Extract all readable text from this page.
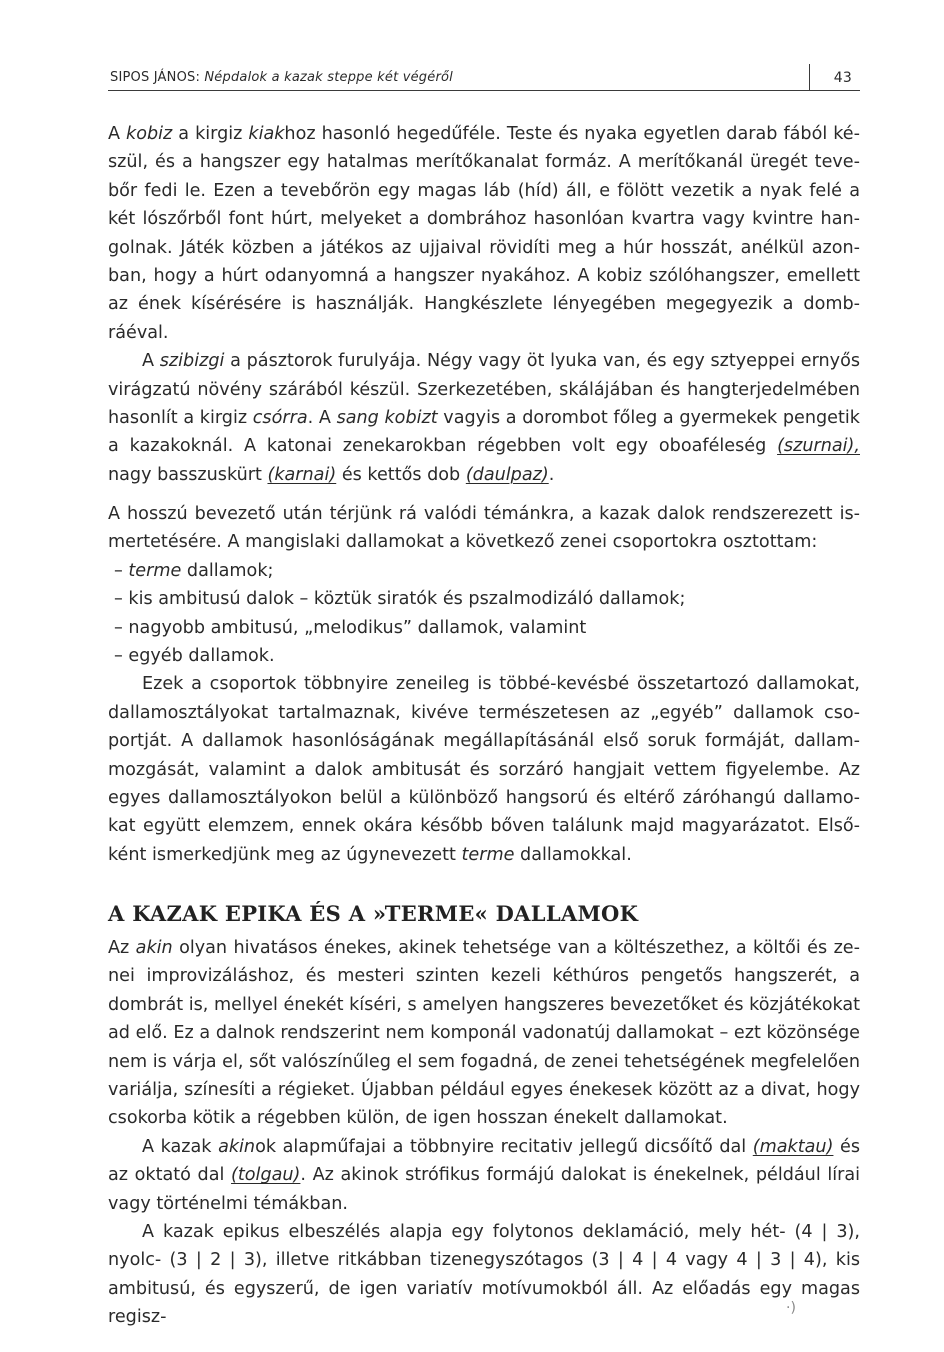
SIPOS JÁNOS: Népdalok a kazak steppe két végéről	43

A kobiz a kirgiz kiakhoz hasonló hegedűféle. Teste és nyaka egyetlen darab fából készül, és a hangszer egy hatalmas merítőkanalat formáz. A merítőkanál üregét tevebőr fedi le. Ezen a tevebőrön egy magas láb (híd) áll, e fölött vezetik a nyak felé a két lószőrből font húrt, melyeket a dombrához hasonlóan kvartra vagy kvintre hangolnak. Játék közben a játékos az ujjaival rövidíti meg a húr hosszát, anélkül azonban, hogy a húrt odanyomná a hangszer nyakához. A kobiz szólóhangszer, emellett az ének kísérésére is használják. Hangkészlete lényegében megegyezik a dombráéval.

A szibizgi a pásztorok furulyája. Négy vagy öt lyuka van, és egy sztyeppei ernyős virágzatú növény szárából készül. Szerkezetében, skálájában és hangterjedelmében hasonlít a kirgiz csórra. A sang kobizt vagyis a dorombot főleg a gyermekek pengetik a kazakoknál. A katonai zenekarokban régebben volt egy oboaféleség (szurnai), nagy basszuskürt (karnai) és kettős dob (daulpaz).

A hosszú bevezető után térjünk rá valódi témánkra, a kazak dalok rendszerezett ismertetésére. A mangislaki dallamokat a következő zenei csoportokra osztottam:

– terme dallamok;
– kis ambitusú dalok – köztük siratók és pszalmodizáló dallamok;
– nagyobb ambitusú, „melodikus” dallamok, valamint
– egyéb dallamok.

Ezek a csoportok többnyire zeneileg is többé-kevésbé összetartozó dallamokat, dallamosztályokat tartalmaznak, kivéve természetesen az „egyéb” dallamok csoportját. A dallamok hasonlóságának megállapításánál első soruk formáját, dallammozgását, valamint a dalok ambitusát és sorzáró hangjait vettem figyelembe. Az egyes dallamosztályokon belül a különböző hangsorú és eltérő záróhangú dallamokat együtt elemzem, ennek okára később bőven találunk majd magyarázatot. Elsőként ismerkedjünk meg az úgynevezett terme dallamokkal.

A KAZAK EPIKA ÉS A »TERME« DALLAMOK

Az akin olyan hivatásos énekes, akinek tehetsége van a költészethez, a költői és zenei improvizáláshoz, és mesteri szinten kezeli kéthúros pengetős hangszerét, a dombrát is, mellyel énekét kíséri, s amelyen hangszeres bevezetőket és közjátékokat ad elő. Ez a dalnok rendszerint nem komponál vadonatúj dallamokat – ezt közönsége nem is várja el, sőt valószínűleg el sem fogadná, de zenei tehetségének megfelelően variálja, színesíti a régieket. Újabban például egyes énekesek között az a divat, hogy csokorba kötik a régebben külön, de igen hosszan énekelt dallamokat.

A kazak akinok alapműfajai a többnyire recitativ jellegű dicsőítő dal (maktau) és az oktató dal (tolgau). Az akinok strófikus formájú dalokat is énekelnek, például lírai vagy történelmi témákban.

A kazak epikus elbeszélés alapja egy folytonos deklamáció, mely hét- (4 | 3), nyolc- (3 | 2 | 3), illetve ritkábban tizenegyszótagos (3 | 4 | 4 vagy 4 | 3 | 4), kis ambitusú, és egyszerű, de igen variatív motívumokból áll. Az előadás egy magas regisz-	·)
